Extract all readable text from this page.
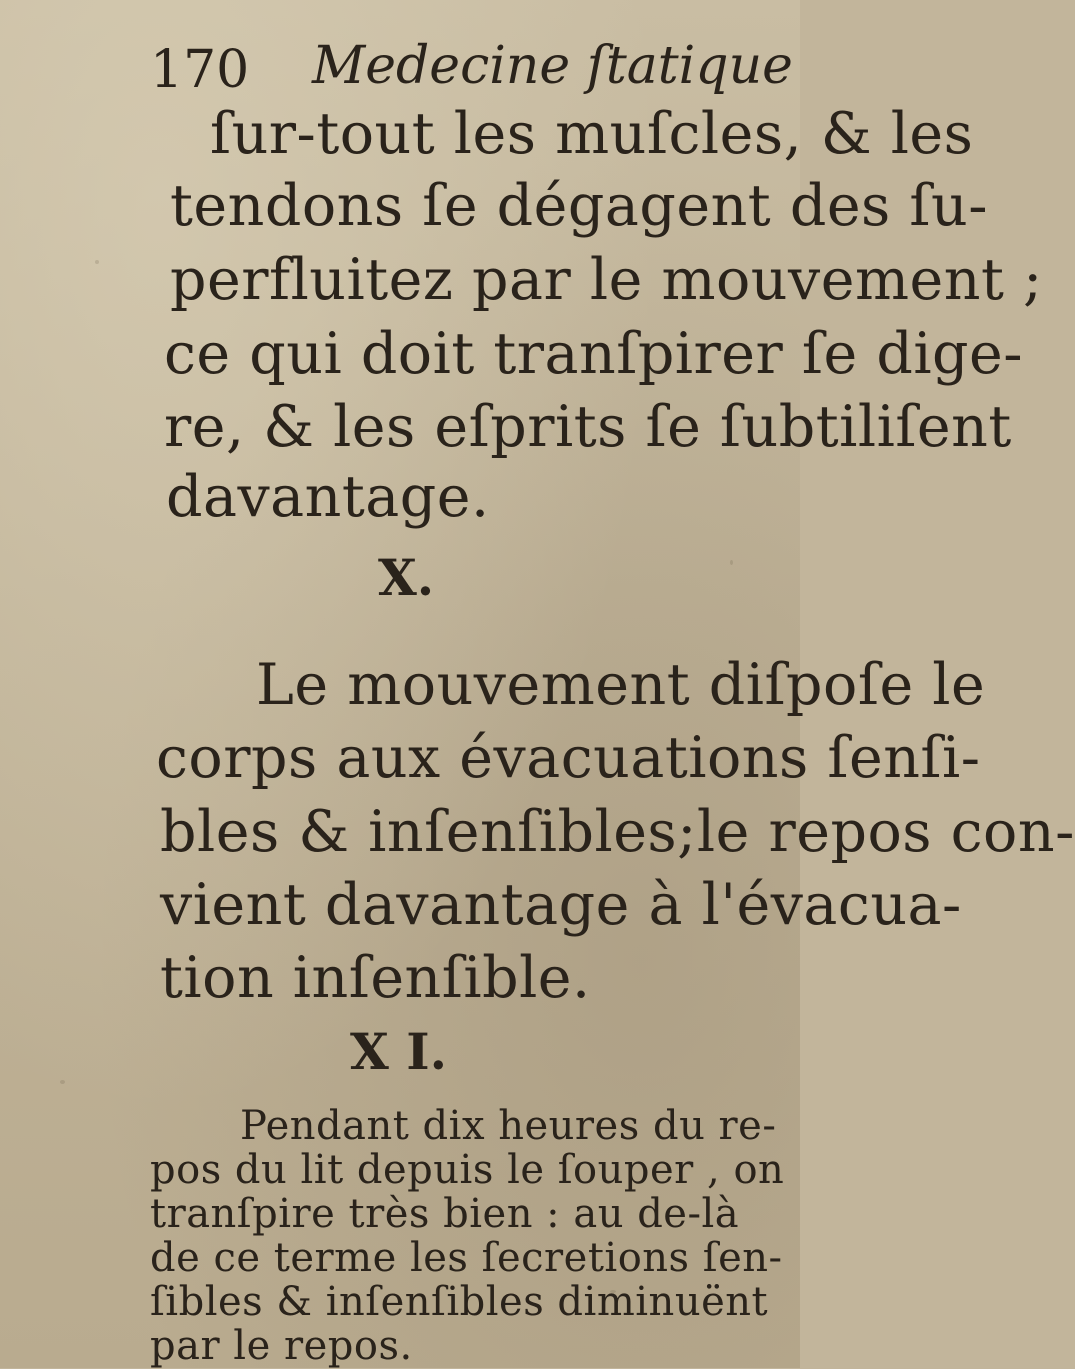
170 Medecine ſtatique
ſur-tout les muſcles, & les
tendons ſe dégagent des ſu-
perfluitez par le mouvement ;
ce qui doit tranſpirer ſe dige-
re, & les eſprits ſe ſubtiliſent
davantage.
X.
Le mouvement diſpoſe le
corps aux évacuations ſenſi-
bles & inſenſibles;le repos con-
vient davantage à l'évacua-
tion inſenſible.
X I.
Pendant dix heures du re-
pos du lit depuis le ſouper , on
tranſpire très bien : au de-là
de ce terme les ſecretions ſen-
ſibles & inſenſibles diminuënt
par le repos.
